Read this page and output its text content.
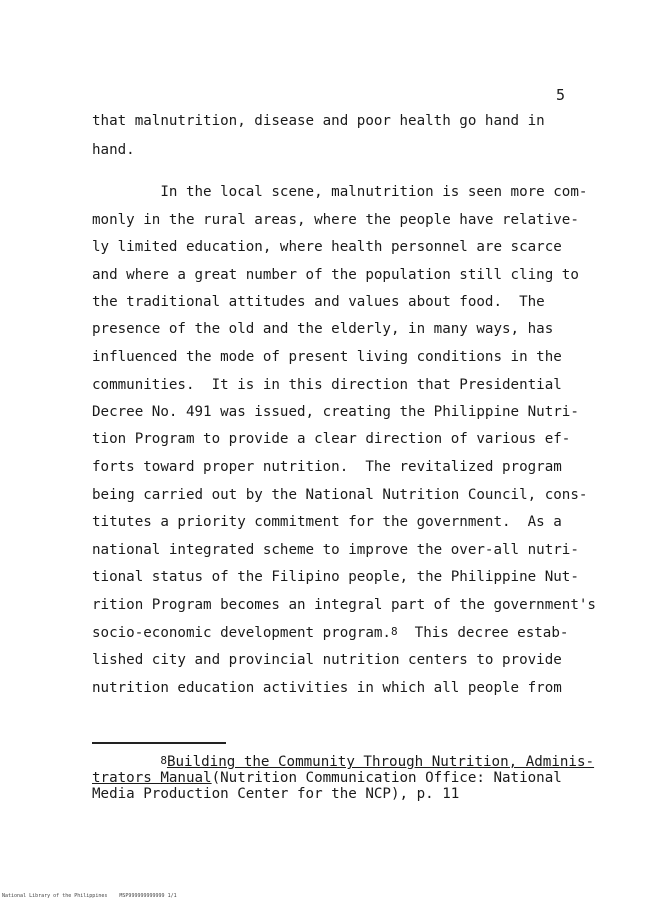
5
that malnutrition, disease and poor health go hand in
hand.
In the local scene, malnutrition is seen more com-
monly in the rural areas, where the people have relative-
ly limited education, where health personnel are scarce
and where a great number of the population still cling to
the traditional attitudes and values about food.  The
presence of the old and the elderly, in many ways, has
influenced the mode of present living conditions in the
communities.  It is in this direction that Presidential
Decree No. 491 was issued, creating the Philippine Nutri-
tion Program to provide a clear direction of various ef-
forts toward proper nutrition.  The revitalized program
being carried out by the National Nutrition Council, cons-
titutes a priority commitment for the government.  As a
national integrated scheme to improve the over-all nutri-
tional status of the Filipino people, the Philippine Nut-
rition Program becomes an integral part of the government's
socio-economic development program.$^8$  This decree estab-
lished city and provincial nutrition centers to provide
nutrition education activities in which all people from
$^8$Building the Community Through Nutrition, Adminis-
trators Manual(Nutrition Communication Office: National
Media Production Center for the NCP), p. 11
National Library of the Philippines    MSP999999999999 1/1
